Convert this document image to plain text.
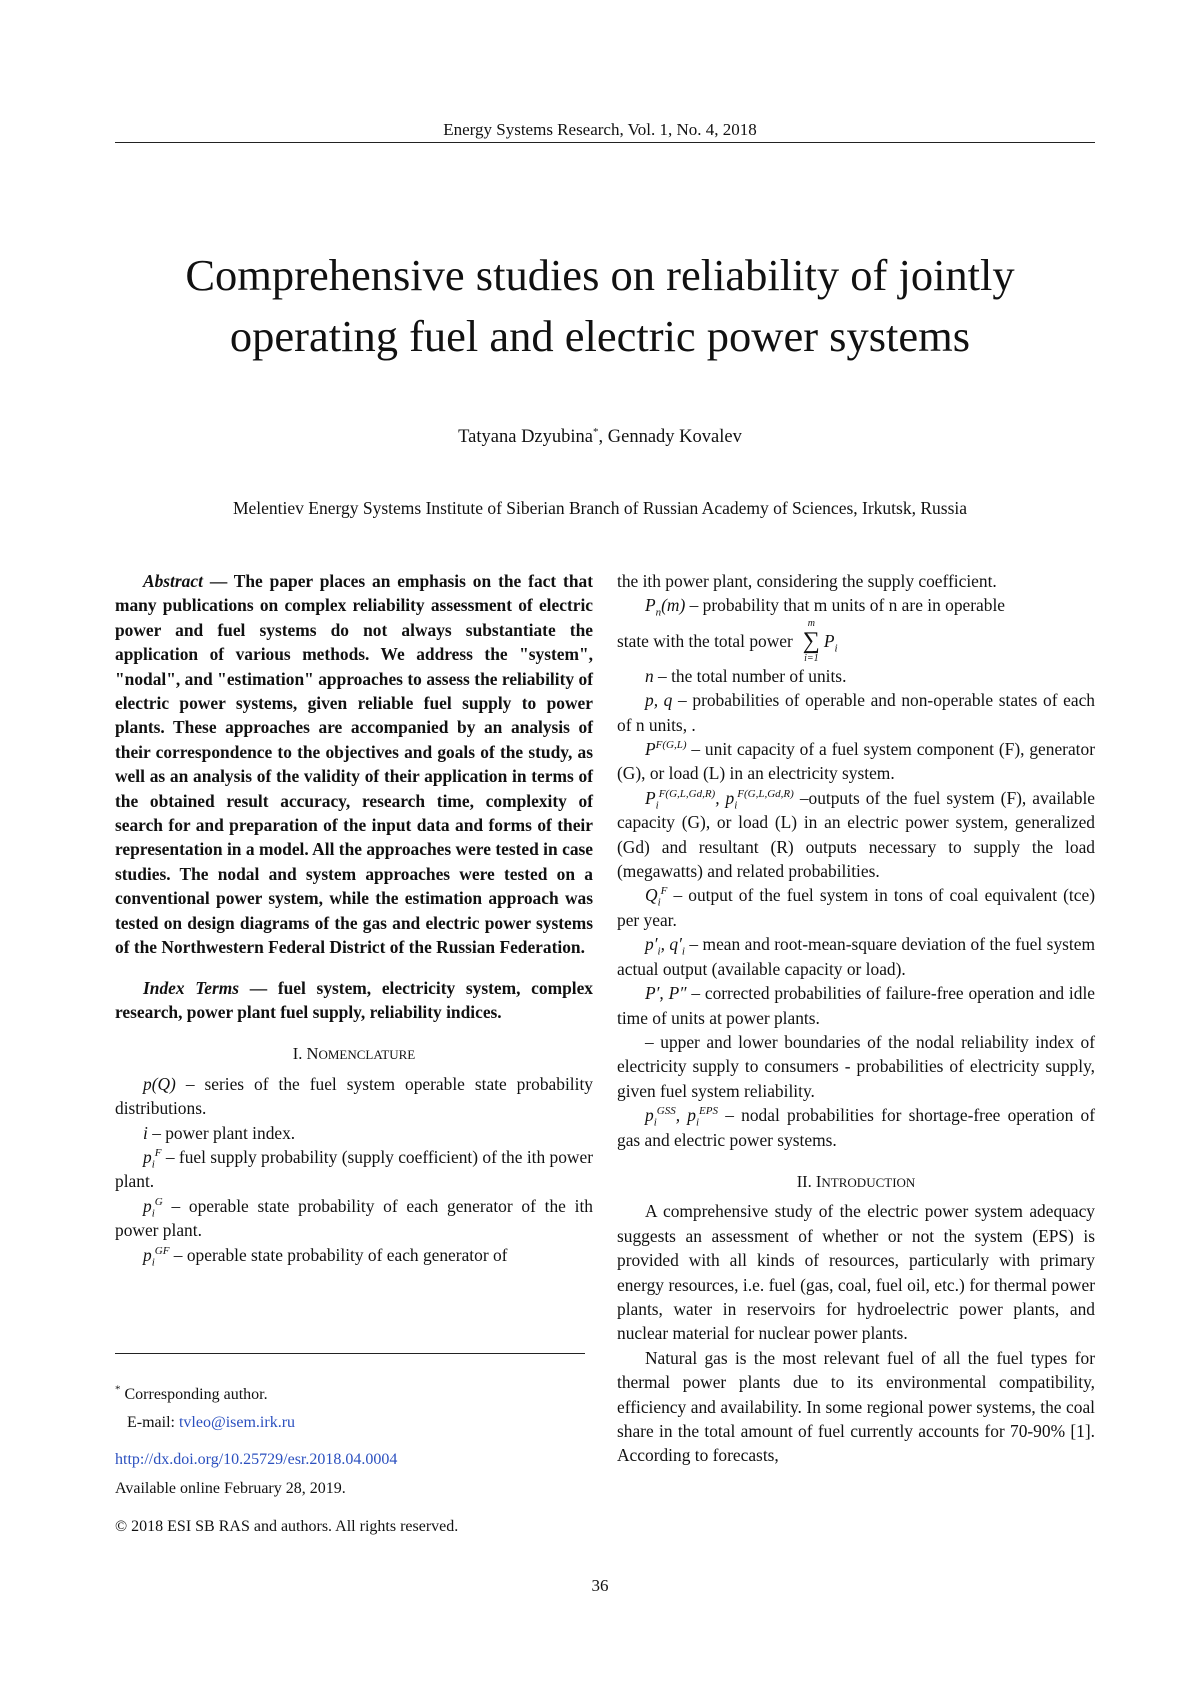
Energy Systems Research, Vol. 1, No. 4, 2018
Comprehensive studies on reliability of jointly
operating fuel and electric power systems
Tatyana Dzyubina*, Gennady Kovalev
Melentiev Energy Systems Institute of Siberian Branch of Russian Academy of Sciences, Irkutsk, Russia

Abstract — The paper places an emphasis on the fact that many publications on complex reliability assessment of electric power and fuel systems do not always substantiate the application of various methods. We address the "system", "nodal", and "estimation" approaches to assess the reliability of electric power systems, given reliable fuel supply to power plants. These approaches are accompanied by an analysis of their correspondence to the objectives and goals of the study, as well as an analysis of the validity of their application in terms of the obtained result accuracy, research time, complexity of search for and preparation of the input data and forms of their representation in a model. All the approaches were tested in case studies. The nodal and system approaches were tested on a conventional power system, while the estimation approach was tested on design diagrams of the gas and electric power systems of the Northwestern Federal District of the Russian Federation.

Index Terms — fuel system, electricity system, complex research, power plant fuel supply, reliability indices.

I. NOMENCLATURE

p(Q) – series of the fuel system operable state probability distributions.

i – power plant index.

$p_i^F$ – fuel supply probability (supply coefficient) of the ith power plant.

$p_i^G$ – operable state probability of each generator of the ith power plant.

$p_i^{GF}$ – operable state probability of each generator of

* Corresponding author.
E-mail: tvleo@isem.irk.ru
http://dx.doi.org/10.25729/esr.2018.04.0004
Available online February 28, 2019.
© 2018 ESI SB RAS and authors. All rights reserved.

the ith power plant, considering the supply coefficient.

$P_n(m)$ – probability that m units of n are in operable

state with the total power
m
∑
i=1
$P_i$

n – the total number of units.

p, q – probabilities of operable and non-operable states of each of n units, .

$P^{F(G,L)}$ – unit capacity of a fuel system component (F), generator (G), or load (L) in an electricity system.

$P_i^{F(G,L,Gd,R)}$, $p_i^{F(G,L,Gd,R)}$ –outputs of the fuel system (F), available capacity (G), or load (L) in an electric power system, generalized (Gd) and resultant (R) outputs necessary to supply the load (megawatts) and related probabilities.

$Q_i^F$ – output of the fuel system in tons of coal equivalent (tce) per year.

$p'_i$, $q'_i$ – mean and root-mean-square deviation of the fuel system actual output (available capacity or load).

P′, P″ – corrected probabilities of failure-free operation and idle time of units at power plants.

– upper and lower boundaries of the nodal reliability index of electricity supply to consumers - probabilities of electricity supply, given fuel system reliability.

$p_i^{GSS}$, $p_i^{EPS}$ – nodal probabilities for shortage-free operation of gas and electric power systems.

II. INTRODUCTION

A comprehensive study of the electric power system adequacy suggests an assessment of whether or not the system (EPS) is provided with all kinds of resources, particularly with primary energy resources, i.e. fuel (gas, coal, fuel oil, etc.) for thermal power plants, water in reservoirs for hydroelectric power plants, and nuclear material for nuclear power plants.

Natural gas is the most relevant fuel of all the fuel types for thermal power plants due to its environmental compatibility, efficiency and availability. In some regional power systems, the coal share in the total amount of fuel currently accounts for 70-90% [1]. According to forecasts,

36
